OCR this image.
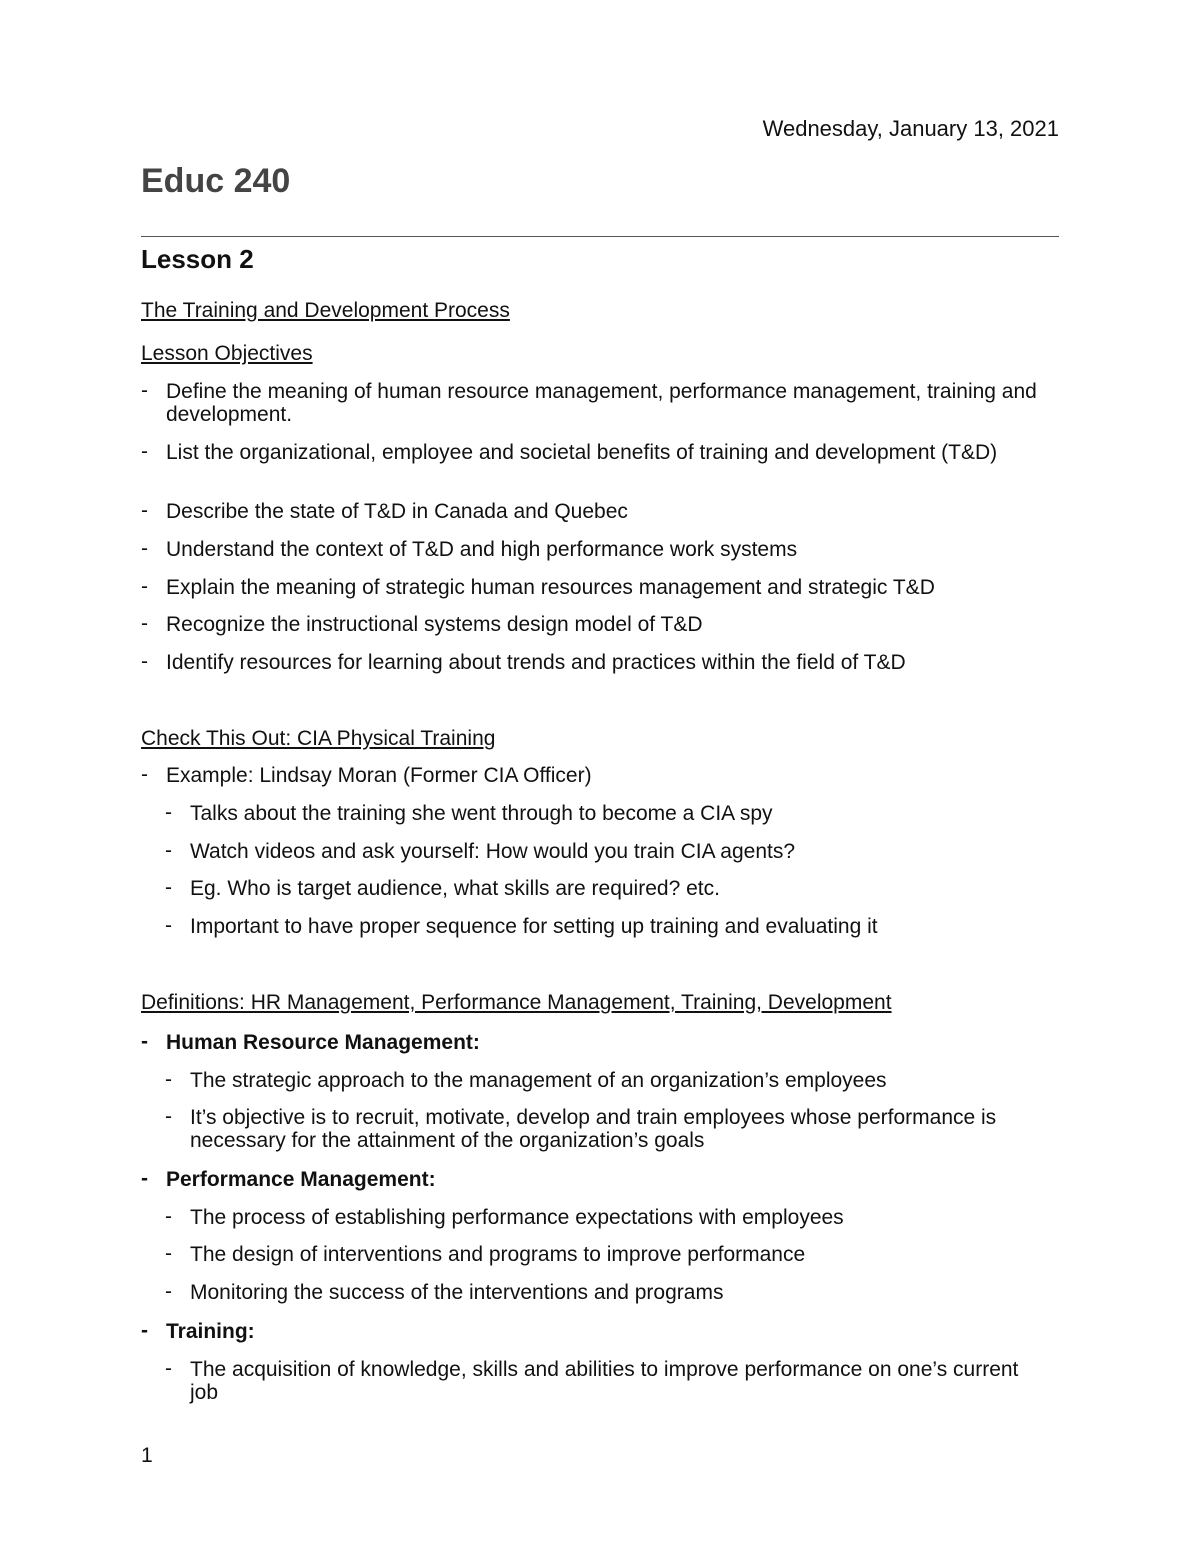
Wednesday, January 13, 2021
Educ 240
Lesson 2
The Training and Development Process
Lesson Objectives
- Define the meaning of human resource management, performance management, training and development.
- List the organizational, employee and societal benefits of training and development (T&D)
- Describe the state of T&D in Canada and Quebec
- Understand the context of T&D and high performance work systems
- Explain the meaning of strategic human resources management and strategic T&D
- Recognize the instructional systems design model of T&D
- Identify resources for learning about trends and practices within the field of T&D
Check This Out: CIA Physical Training
- Example: Lindsay Moran (Former CIA Officer)
- Talks about the training she went through to become a CIA spy
- Watch videos and ask yourself: How would you train CIA agents?
- Eg. Who is target audience, what skills are required? etc.
- Important to have proper sequence for setting up training and evaluating it
Definitions: HR Management, Performance Management, Training, Development
- Human Resource Management:
- The strategic approach to the management of an organization’s employees
- It’s objective is to recruit, motivate, develop and train employees whose performance is necessary for the attainment of the organization’s goals
- Performance Management:
- The process of establishing performance expectations with employees
- The design of interventions and programs to improve performance
- Monitoring the success of the interventions and programs
- Training:
- The acquisition of knowledge, skills and abilities to improve performance on one’s current job
1
